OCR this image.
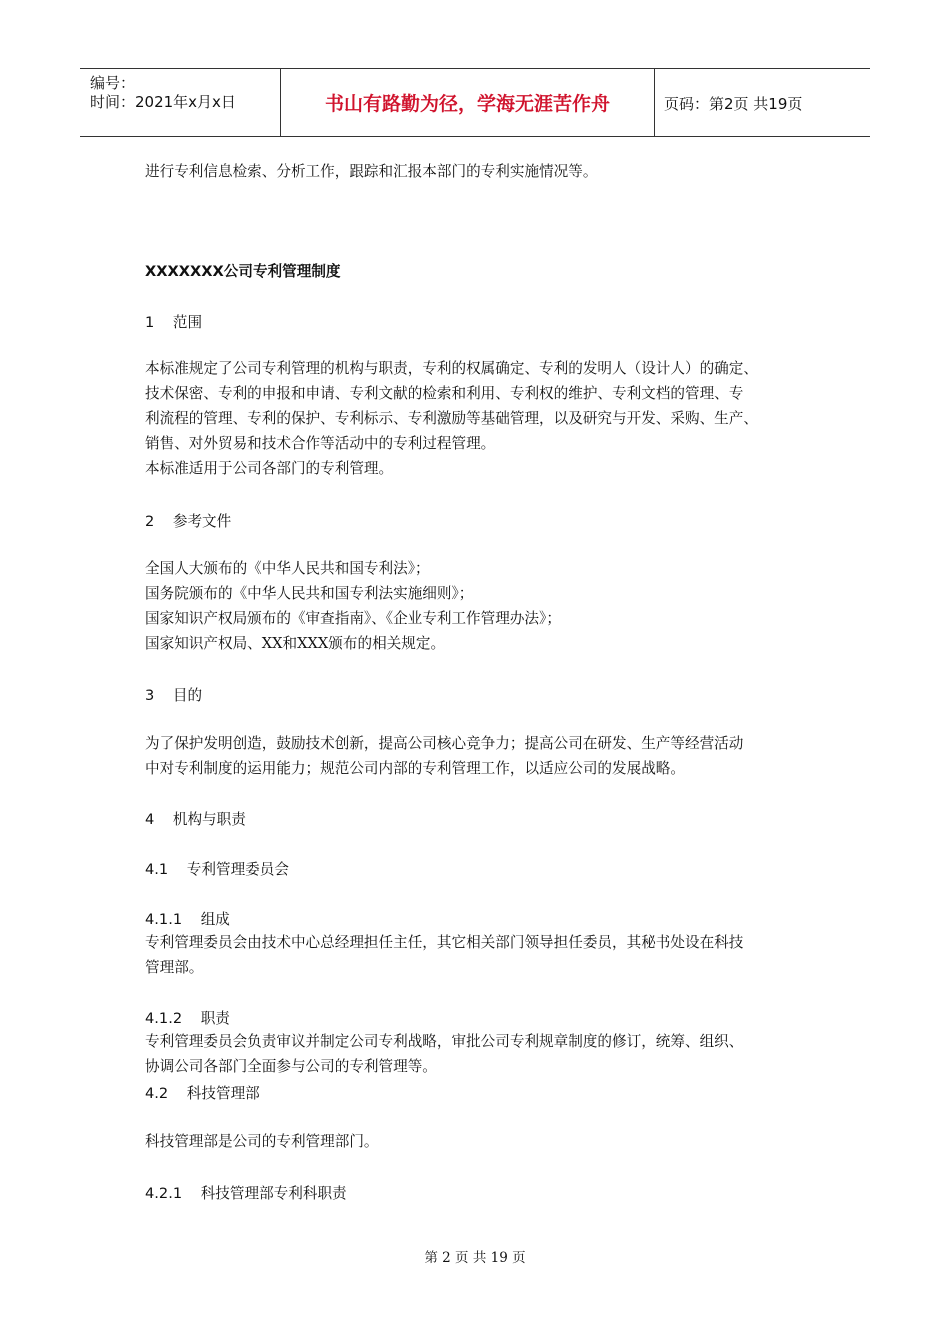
编号：
时间：2021年x月x日	书山有路勤为径，学海无涯苦作舟	页码：第2页 共19页
进行专利信息检索、分析工作，跟踪和汇报本部门的专利实施情况等。
XXXXXXX公司专利管理制度
1 范围
本标准规定了公司专利管理的机构与职责，专利的权属确定、专利的发明人（设计人）的确定、
技术保密、专利的申报和申请、专利文献的检索和利用、专利权的维护、专利文档的管理、专
利流程的管理、专利的保护、专利标示、专利激励等基础管理，以及研究与开发、采购、生产、
销售、对外贸易和技术合作等活动中的专利过程管理。
本标准适用于公司各部门的专利管理。
2 参考文件
全国人大颁布的《中华人民共和国专利法》；
国务院颁布的《中华人民共和国专利法实施细则》；
国家知识产权局颁布的《审查指南》、《企业专利工作管理办法》；
国家知识产权局、XX和XXX颁布的相关规定。
3 目的
为了保护发明创造，鼓励技术创新，提高公司核心竞争力；提高公司在研发、生产等经营活动
中对专利制度的运用能力；规范公司内部的专利管理工作，以适应公司的发展战略。
4 机构与职责
4.1 专利管理委员会
4.1.1 组成
专利管理委员会由技术中心总经理担任主任，其它相关部门领导担任委员，其秘书处设在科技
管理部。
4.1.2 职责
专利管理委员会负责审议并制定公司专利战略，审批公司专利规章制度的修订，统筹、组织、
协调公司各部门全面参与公司的专利管理等。
4.2 科技管理部
科技管理部是公司的专利管理部门。
4.2.1 科技管理部专利科职责
第 2 页 共 19 页
